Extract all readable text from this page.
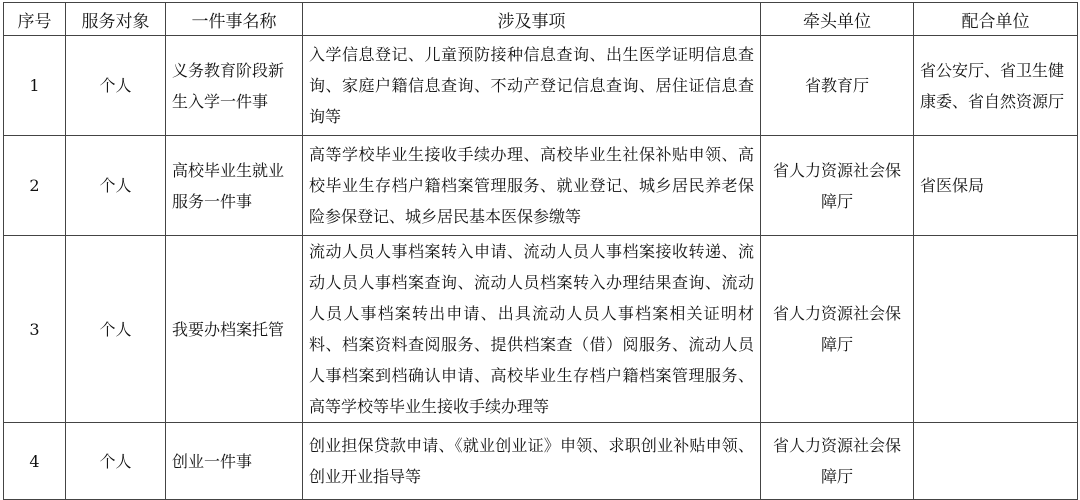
序号	服务对象	一件事名称	涉及事项	牵头单位	配合单位
1	个人	义务教育阶段新生入学一件事	入学信息登记、儿童预防接种信息查询、出生医学证明信息查询、家庭户籍信息查询、不动产登记信息查询、居住证信息查询等	省教育厅	省公安厅、省卫生健康委、省自然资源厅
2	个人	高校毕业生就业服务一件事	高等学校毕业生接收手续办理、高校毕业生社保补贴申领、高校毕业生存档户籍档案管理服务、就业登记、城乡居民养老保险参保登记、城乡居民基本医保参缴等	省人力资源社会保障厅	省医保局
3	个人	我要办档案托管	流动人员人事档案转入申请、流动人员人事档案接收转递、流动人员人事档案查询、流动人员档案转入办理结果查询、流动人员人事档案转出申请、出具流动人员人事档案相关证明材料、档案资料查阅服务、提供档案查（借）阅服务、流动人员人事档案到档确认申请、高校毕业生存档户籍档案管理服务、高等学校等毕业生接收手续办理等	省人力资源社会保障厅	
4	个人	创业一件事	创业担保贷款申请、《就业创业证》申领、求职创业补贴申领、创业开业指导等	省人力资源社会保障厅	
